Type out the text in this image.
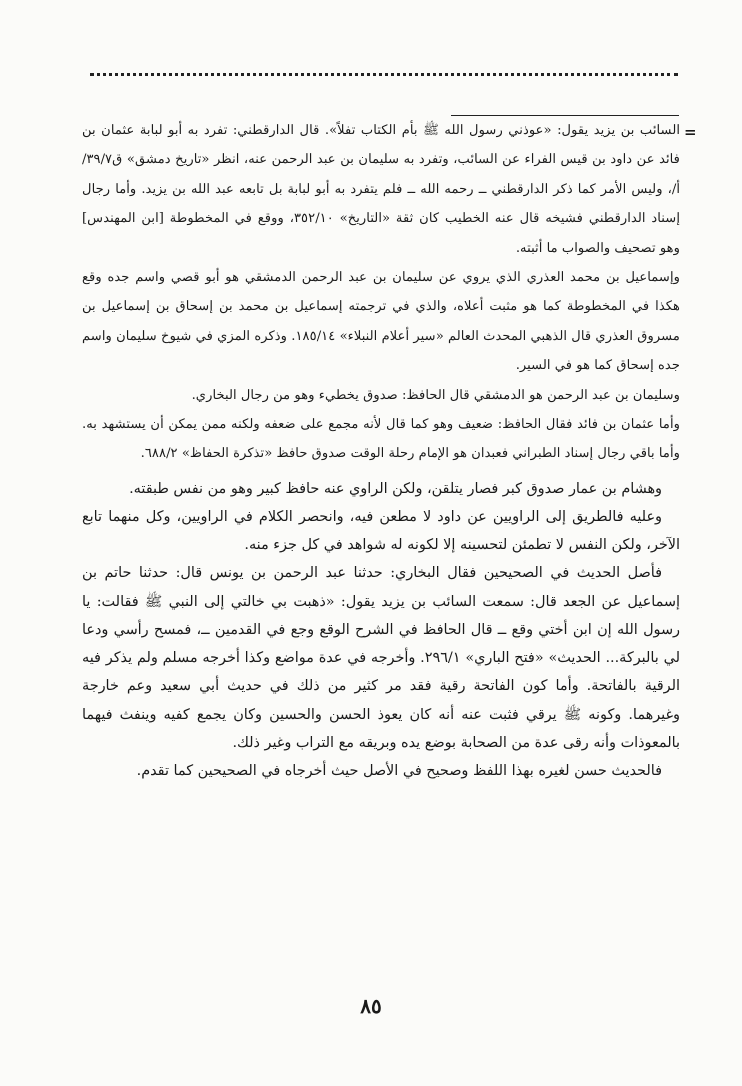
=

السائب بن يزيد يقول: «عوذني رسول الله ﷺ بأم الكتاب تفلاً». قال الدارقطني: تفرد به أبو لبابة عثمان بن فائد عن داود بن قيس الفراء عن السائب، وتفرد به سليمان بن عبد الرحمن عنه، انظر «تاريخ دمشق» ق٣٩/٧/أ/، وليس الأمر كما ذكر الدارقطني ــ رحمه الله ــ فلم يتفرد به أبو لبابة بل تابعه عبد الله بن يزيد. وأما رجال إسناد الدارقطني فشيخه قال عنه الخطيب كان ثقة «التاريخ» ٣٥٢/١٠، ووقع في المخطوطة [ابن المهندس] وهو تصحيف والصواب ما أثبته.

وإسماعيل بن محمد العذري الذي يروي عن سليمان بن عبد الرحمن الدمشقي هو أبو قصي واسم جده وقع هكذا في المخطوطة كما هو مثبت أعلاه، والذي في ترجمته إسماعيل بن محمد بن إسحاق بن إسماعيل بن مسروق العذري قال الذهبي المحدث العالم «سير أعلام النبلاء» ١٨٥/١٤. وذكره المزي في شيوخ سليمان واسم جده إسحاق كما هو في السير.

وسليمان بن عبد الرحمن هو الدمشقي قال الحافظ: صدوق يخطيء وهو من رجال البخاري.

وأما عثمان بن فائد فقال الحافظ: ضعيف وهو كما قال لأنه مجمع على ضعفه ولكنه ممن يمكن أن يستشهد به. وأما باقي رجال إسناد الطبراني فعبدان هو الإمام رحلة الوقت صدوق حافظ «تذكرة الحفاظ» ٦٨٨/٢.

وهشام بن عمار صدوق كبر فصار يتلقن، ولكن الراوي عنه حافظ كبير وهو من نفس طبقته.

وعليه فالطريق إلى الراويين عن داود لا مطعن فيه، وانحصر الكلام في الراويين، وكل منهما تابع الآخر، ولكن النفس لا تطمئن لتحسينه إلا لكونه له شواهد في كل جزء منه.

فأصل الحديث في الصحيحين فقال البخاري: حدثنا عبد الرحمن بن يونس قال: حدثنا حاتم بن إسماعيل عن الجعد قال: سمعت السائب بن يزيد يقول: «ذهبت بي خالتي إلى النبي ﷺ فقالت: يا رسول الله إن ابن أختي وقع ــ قال الحافظ في الشرح الوقع وجع في القدمين ــ، فمسح رأسي ودعا لي بالبركة... الحديث» «فتح الباري» ٢٩٦/١. وأخرجه في عدة مواضع وكذا أخرجه مسلم ولم يذكر فيه الرقية بالفاتحة. وأما كون الفاتحة رقية فقد مر كثير من ذلك في حديث أبي سعيد وعم خارجة وغيرهما. وكونه ﷺ يرقي فثبت عنه أنه كان يعوذ الحسن والحسين وكان يجمع كفيه وينفث فيهما بالمعوذات وأنه رقى عدة من الصحابة بوضع يده وبريقه مع التراب وغير ذلك.

فالحديث حسن لغيره بهذا اللفظ وصحيح في الأصل حيث أخرجاه في الصحيحين كما تقدم.

٨٥
